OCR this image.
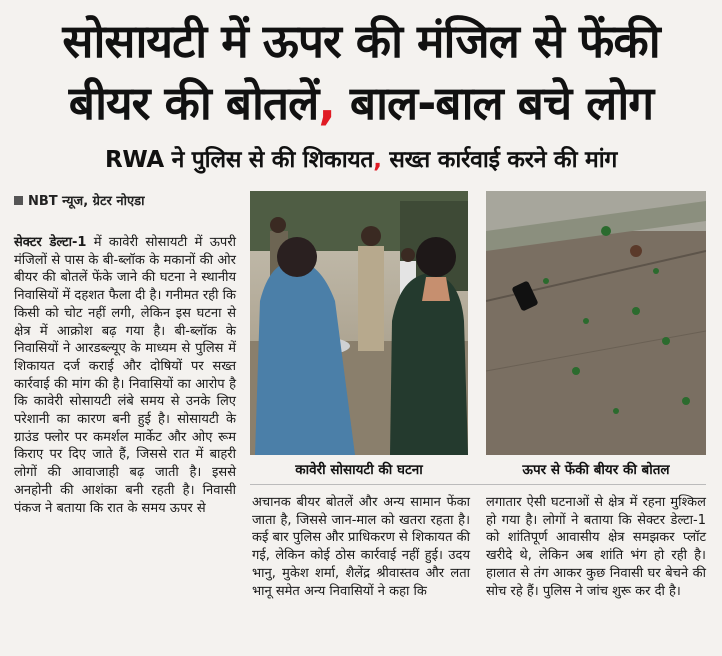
सोसायटी में ऊपर की मंजिल से फेंकी
बीयर की बोतलें, बाल-बाल बचे लोग
RWA ने पुलिस से की शिकायत, सख्त कार्रवाई करने की मांग
NBT न्यूज, ग्रेटर नोएडा
सेक्टर डेल्टा-1 में कावेरी सोसायटी में ऊपरी मंजिलों से पास के बी-ब्लॉक के मकानों की ओर बीयर की बोतलें फेंके जाने की घटना ने स्थानीय निवासियों में दहशत फैला दी है। गनीमत रही कि किसी को चोट नहीं लगी, लेकिन इस घटना से क्षेत्र में आक्रोश बढ़ गया है। बी-ब्लॉक के निवासियों ने आरडब्ल्यूए के माध्यम से पुलिस में शिकायत दर्ज कराई और दोषियों पर सख्त कार्रवाई की मांग की है। निवासियों का आरोप है कि कावेरी सोसायटी लंबे समय से उनके लिए परेशानी का कारण बनी हुई है। सोसायटी के ग्राउंड फ्लोर पर कमर्शल मार्केट और ओए रूम किराए पर दिए जाते हैं, जिससे रात में बाहरी लोगों की आवाजाही बढ़ जाती है। इससे अनहोनी की आशंका बनी रहती है। निवासी पंकज ने बताया कि रात के समय ऊपर से
कावेरी सोसायटी की घटना	ऊपर से फेंकी बीयर की बोतल
अचानक बीयर बोतलें और अन्य सामान फेंका जाता है, जिससे जान-माल को खतरा रहता है। कई बार पुलिस और प्राधिकरण से शिकायत की गई, लेकिन कोई ठोस कार्रवाई नहीं हुई। उदय भानु, मुकेश शर्मा, शैलेंद्र श्रीवास्तव और लता भानू समेत अन्य निवासियों ने कहा कि
लगातार ऐसी घटनाओं से क्षेत्र में रहना मुश्किल हो गया है। लोगों ने बताया कि सेक्टर डेल्टा-1 को शांतिपूर्ण आवासीय क्षेत्र समझकर प्लॉट खरीदे थे, लेकिन अब शांति भंग हो रही है। हालात से तंग आकर कुछ निवासी घर बेचने की सोच रहे हैं। पुलिस ने जांच शुरू कर दी है।
